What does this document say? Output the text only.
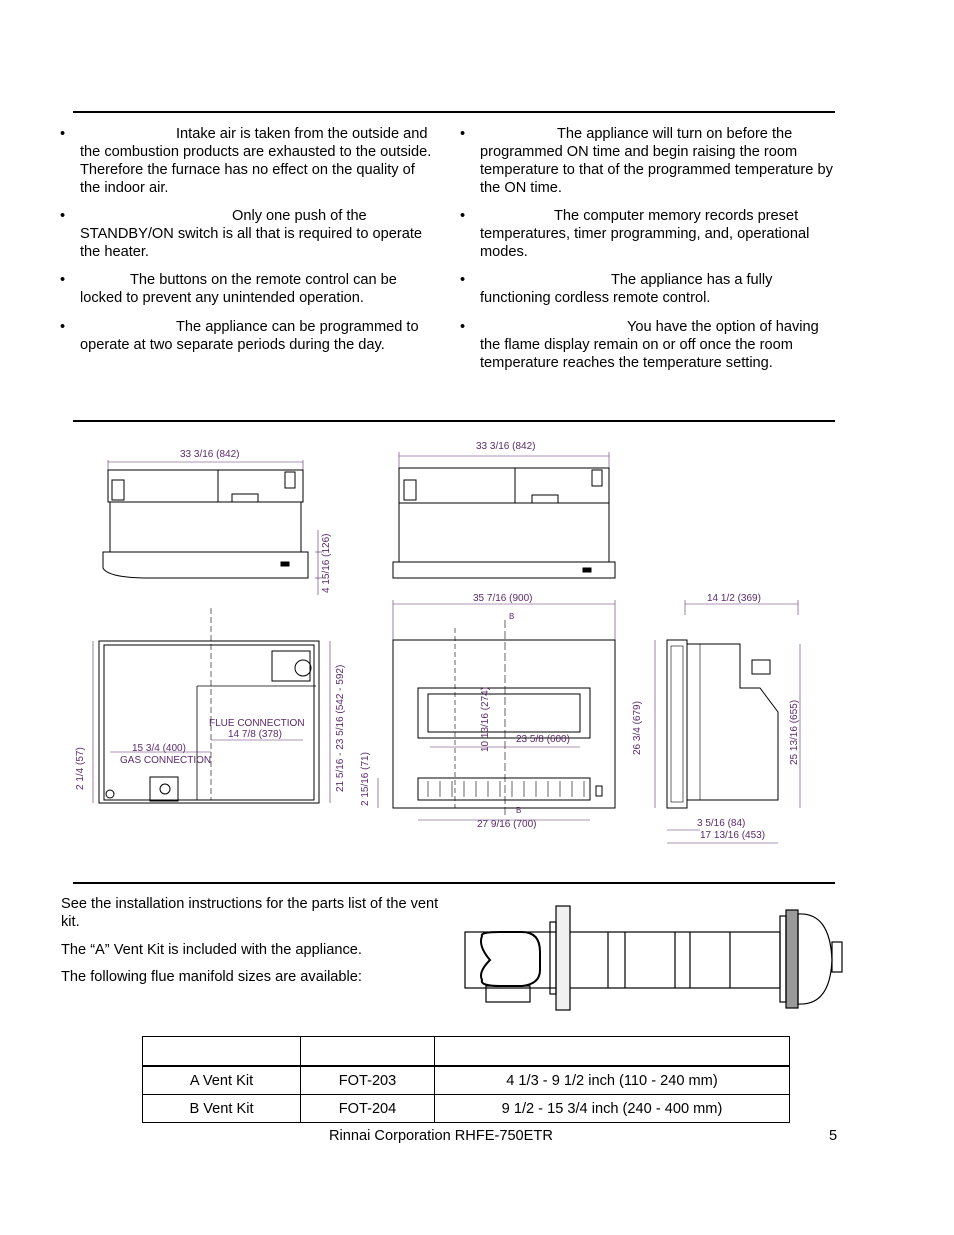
•	Intake air is taken from the outside and the combustion products are exhausted to the outside. Therefore the furnace has no effect on the quality of the indoor air.
•	Only one push of the STANDBY/ON switch is all that is required to operate the heater.
•	The buttons on the remote control can be locked to prevent any unintended operation.
•	The appliance can be programmed to operate at two separate periods during the day.
•	The appliance will turn on before the programmed ON time and begin raising the room temperature to that of the programmed temperature by the ON time.
•	The computer memory records preset temperatures, timer programming, and, operational modes.
•	The appliance has a fully functioning cordless remote control.
•	You have the option of having the flame display remain on or off once the room temperature reaches the temperature setting.
33 3/16 (842)
33 3/16 (842)
4 15/16 (126)
21 5/16 - 23 5/16 (542 - 592)
FLUE CONNECTION
14 7/8 (378)
15 3/4 (400)
GAS CONNECTION
2 1/4 (57)	2 15/16 (71)
35 7/16 (900)
10 13/16 (274)	23 5/8 (600)
27 9/16 (700)
B
B
14 1/2 (369)
26 3/4 (679)	25 13/16 (655)
3 5/16 (84)
17 13/16 (453)
See the installation instructions for the parts list of the vent kit.
The “A” Vent Kit is included with the appliance.
The following flue manifold sizes are available:

A Vent Kit	FOT-203	4 1/3 - 9 1/2 inch (110 - 240 mm)
B Vent Kit	FOT-204	9 1/2 - 15 3/4 inch (240 - 400 mm)
Rinnai Corporation RHFE-750ETR	5
